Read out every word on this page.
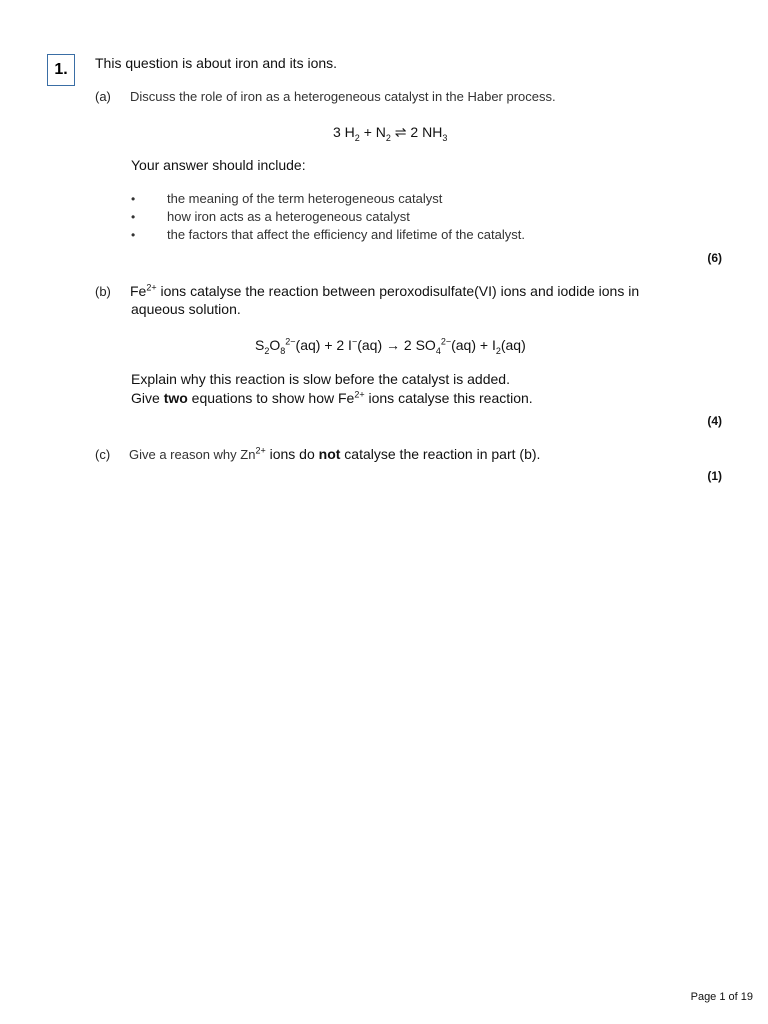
1. This question is about iron and its ions.
(a) Discuss the role of iron as a heterogeneous catalyst in the Haber process.
3 $H_2 + N_2$ ⇌ 2 $NH_3$
Your answer should include:
• the meaning of the term heterogeneous catalyst
• how iron acts as a heterogeneous catalyst
• the factors that affect the efficiency and lifetime of the catalyst.
(6)
(b) $Fe^{2+}$ ions catalyse the reaction between peroxodisulfate(VI) ions and iodide ions in
aqueous solution.
$S_2O_8^{2-}(aq) + 2$ I−(aq) → 2 $SO_4^{2-}(aq) + I_2(aq)$
Explain why this reaction is slow before the catalyst is added.
Give two equations to show how $Fe^{2+}$ ions catalyse this reaction.
(4)
(c) Give a reason why $Zn^{2+}$ ions do not catalyse the reaction in part (b).
(1)
Page 1 of 19
